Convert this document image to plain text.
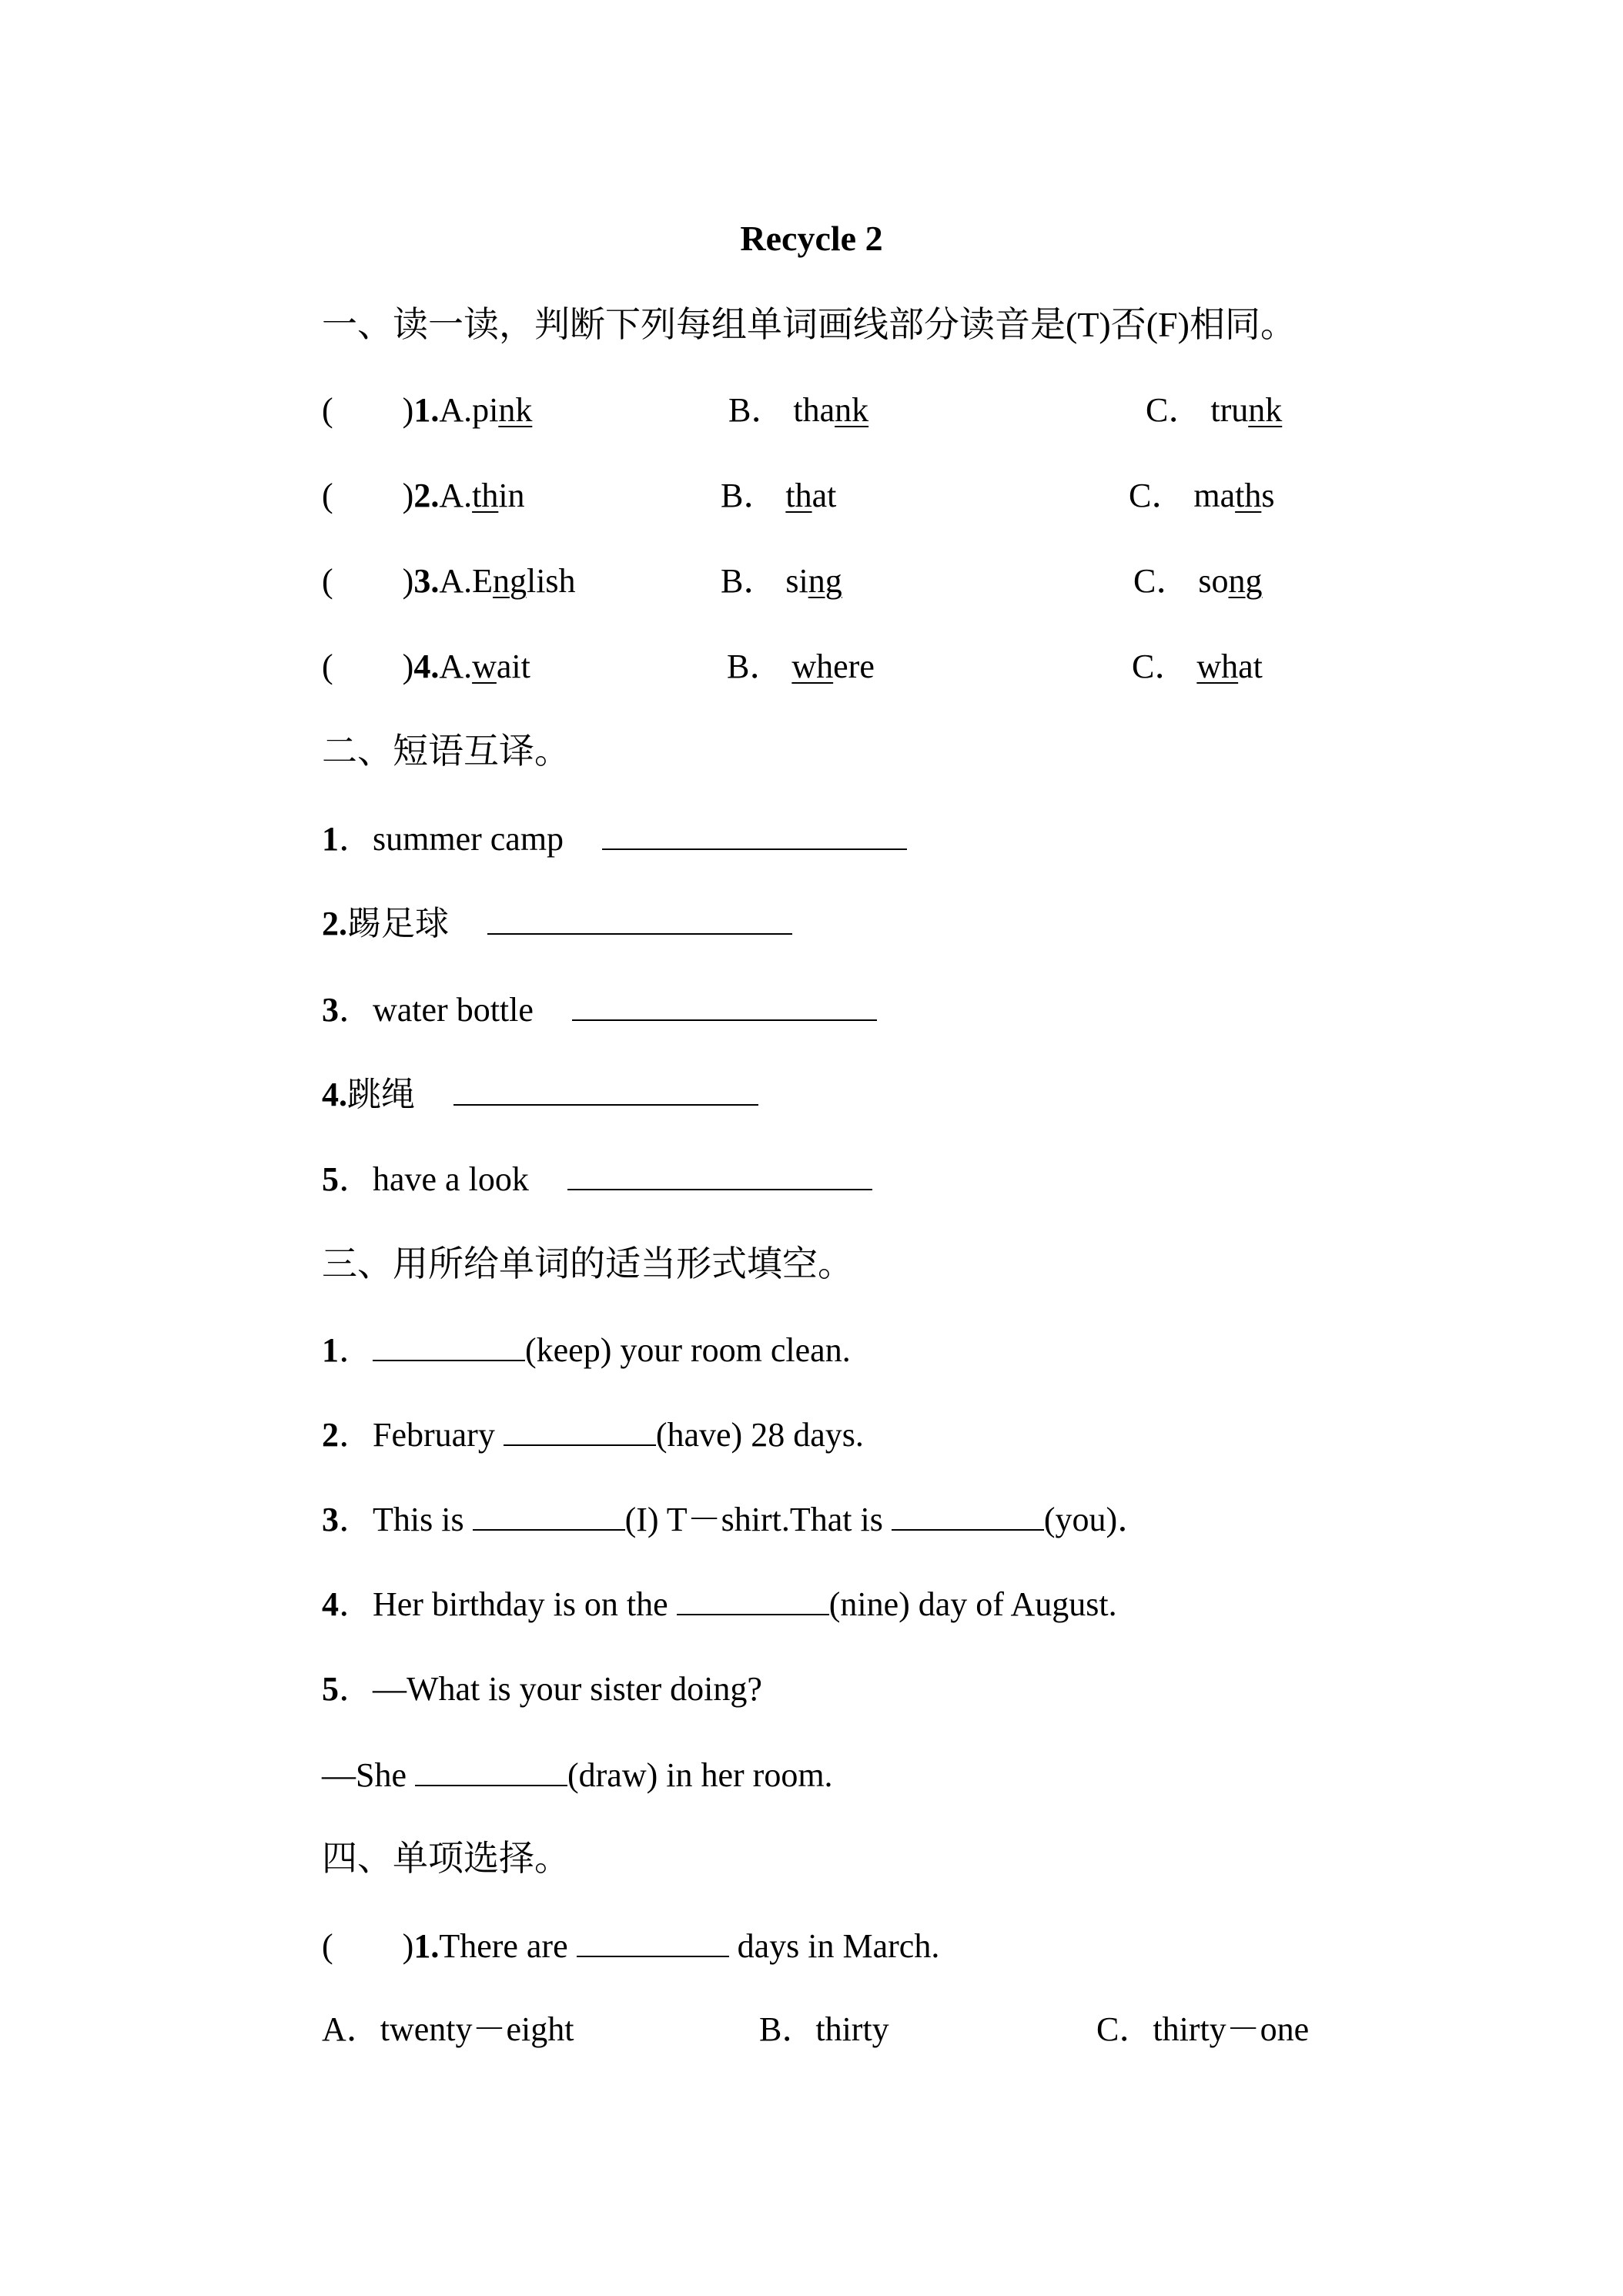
Recycle 2
一、读一读，判断下列每组单词画线部分读音是(T)否(F)相同。
( )1.A.pink	B． thank	C． trunk
( )2.A.thin	B． that	C． maths
( )3.A.English	B． sing	C． song
( )4.A.wait	B． where	C． what
二、短语互译。
1．summer camp
2.踢足球
3．water bottle
4.跳绳
5．have a look
三、用所给单词的适当形式填空。
1．	(keep) your room clean.
2．February	(have) 28 days.
3．This is	(I) T－shirt.That is	(you)．
4．Her birthday is on the	(nine) day of August.
5．—What is your sister doing?
—She	(draw) in her room.
四、单项选择。
( )1.There are	days in March.
A．twenty－eight	B．thirty	C．thirty－one
